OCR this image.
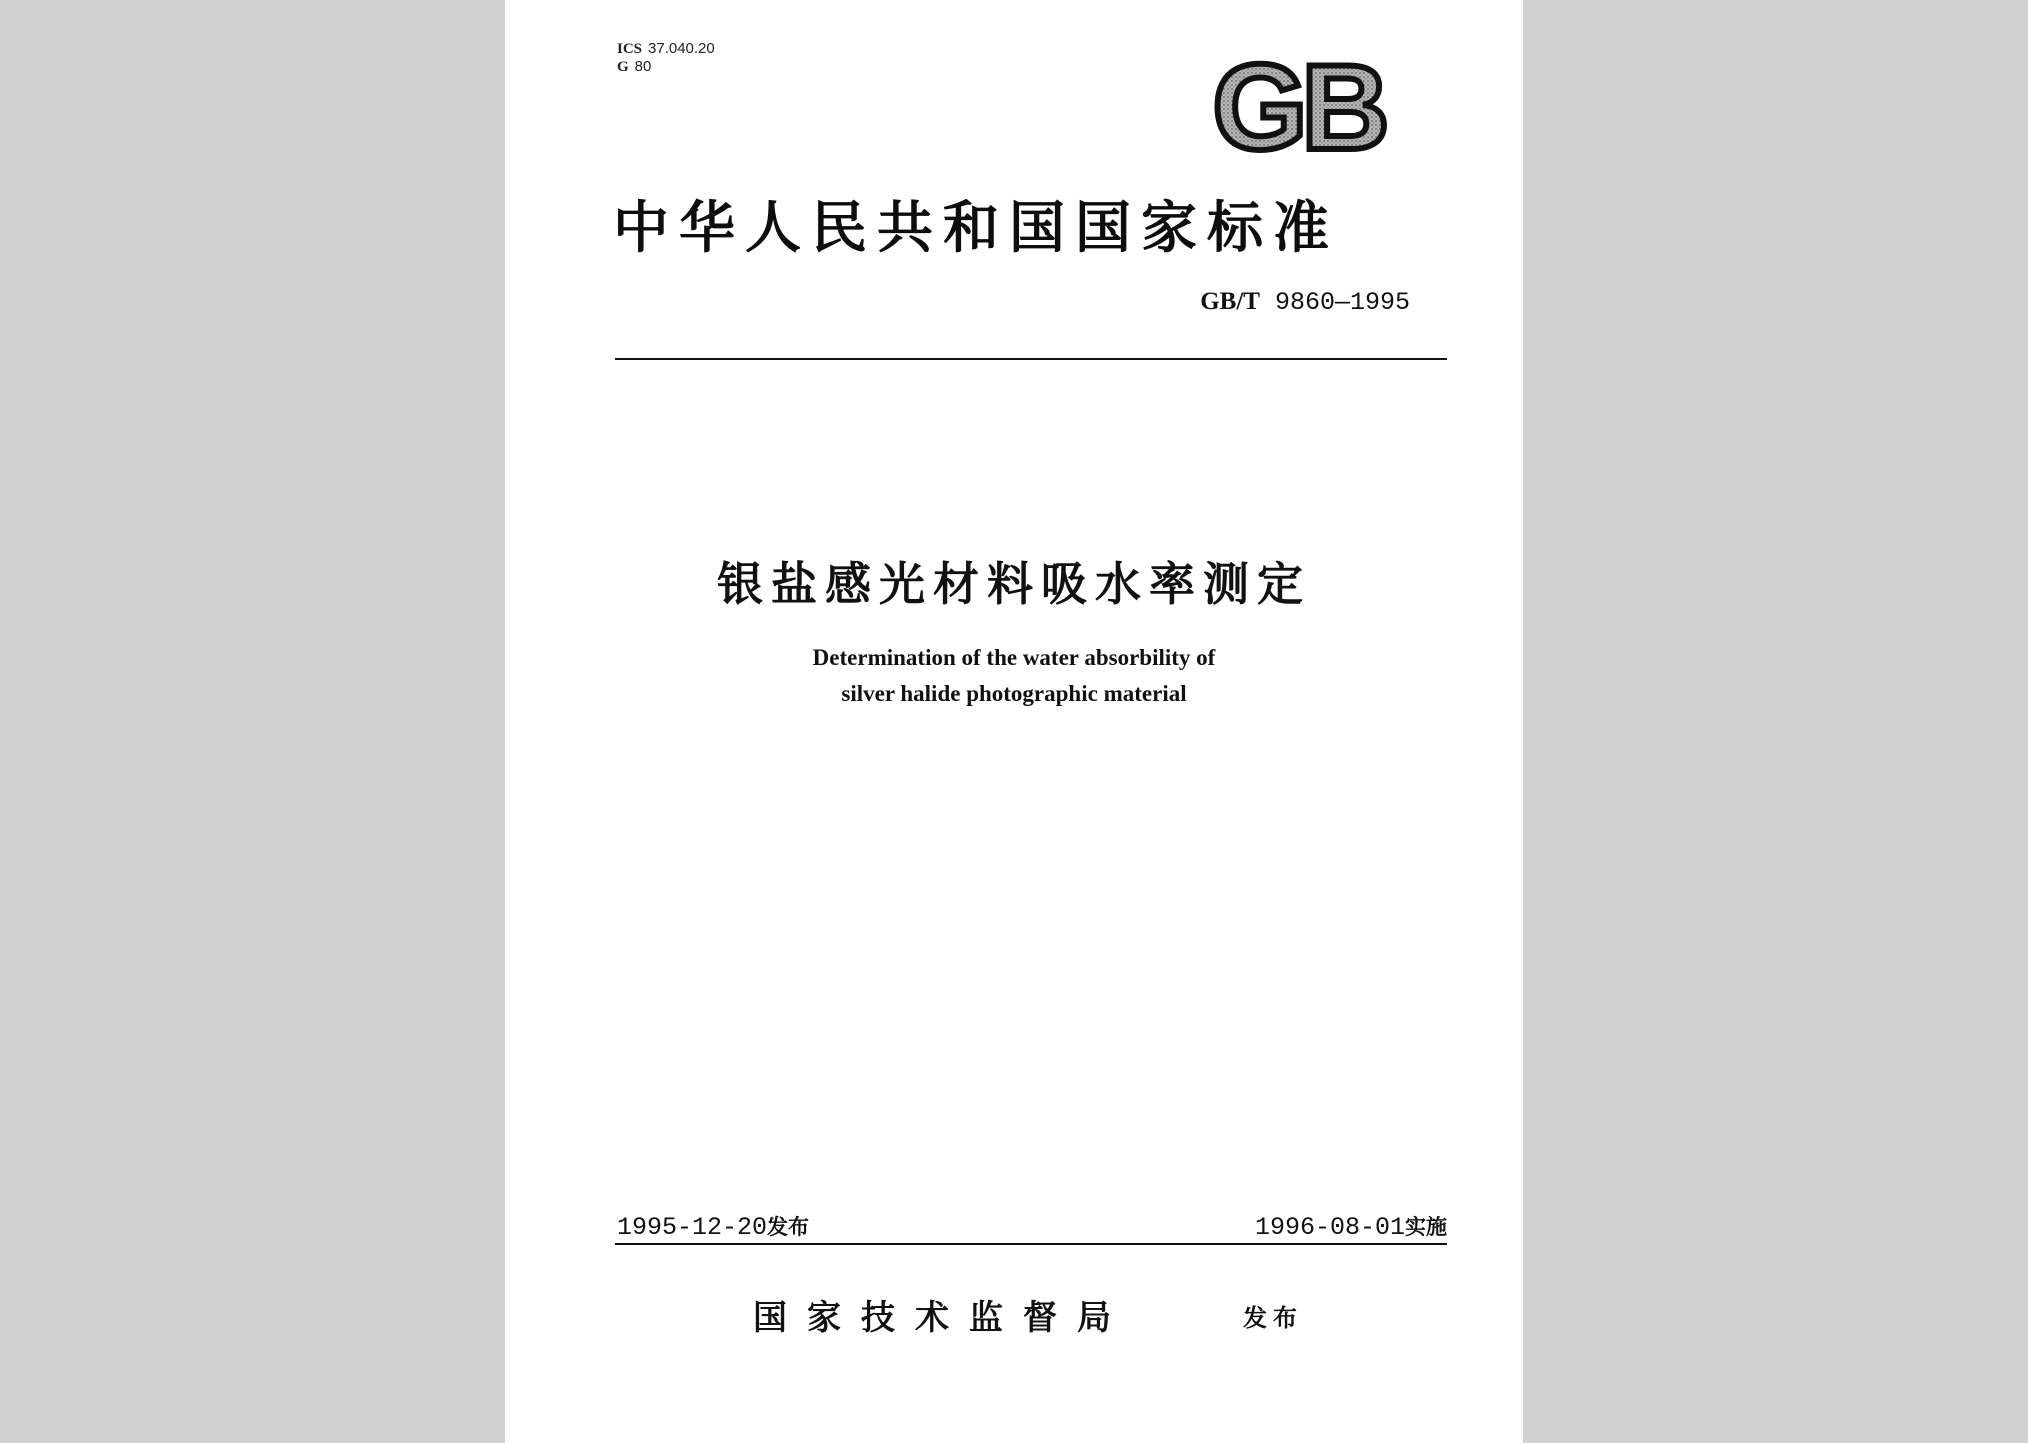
ICS 37.040.20
G 80	GB
中华人民共和国国家标准
GB/T 9860—1995
银盐感光材料吸水率测定
Determination of the water absorbility of
silver halide photographic material
1995-12-20发布	1996-08-01实施
国家技术监督局	发布
